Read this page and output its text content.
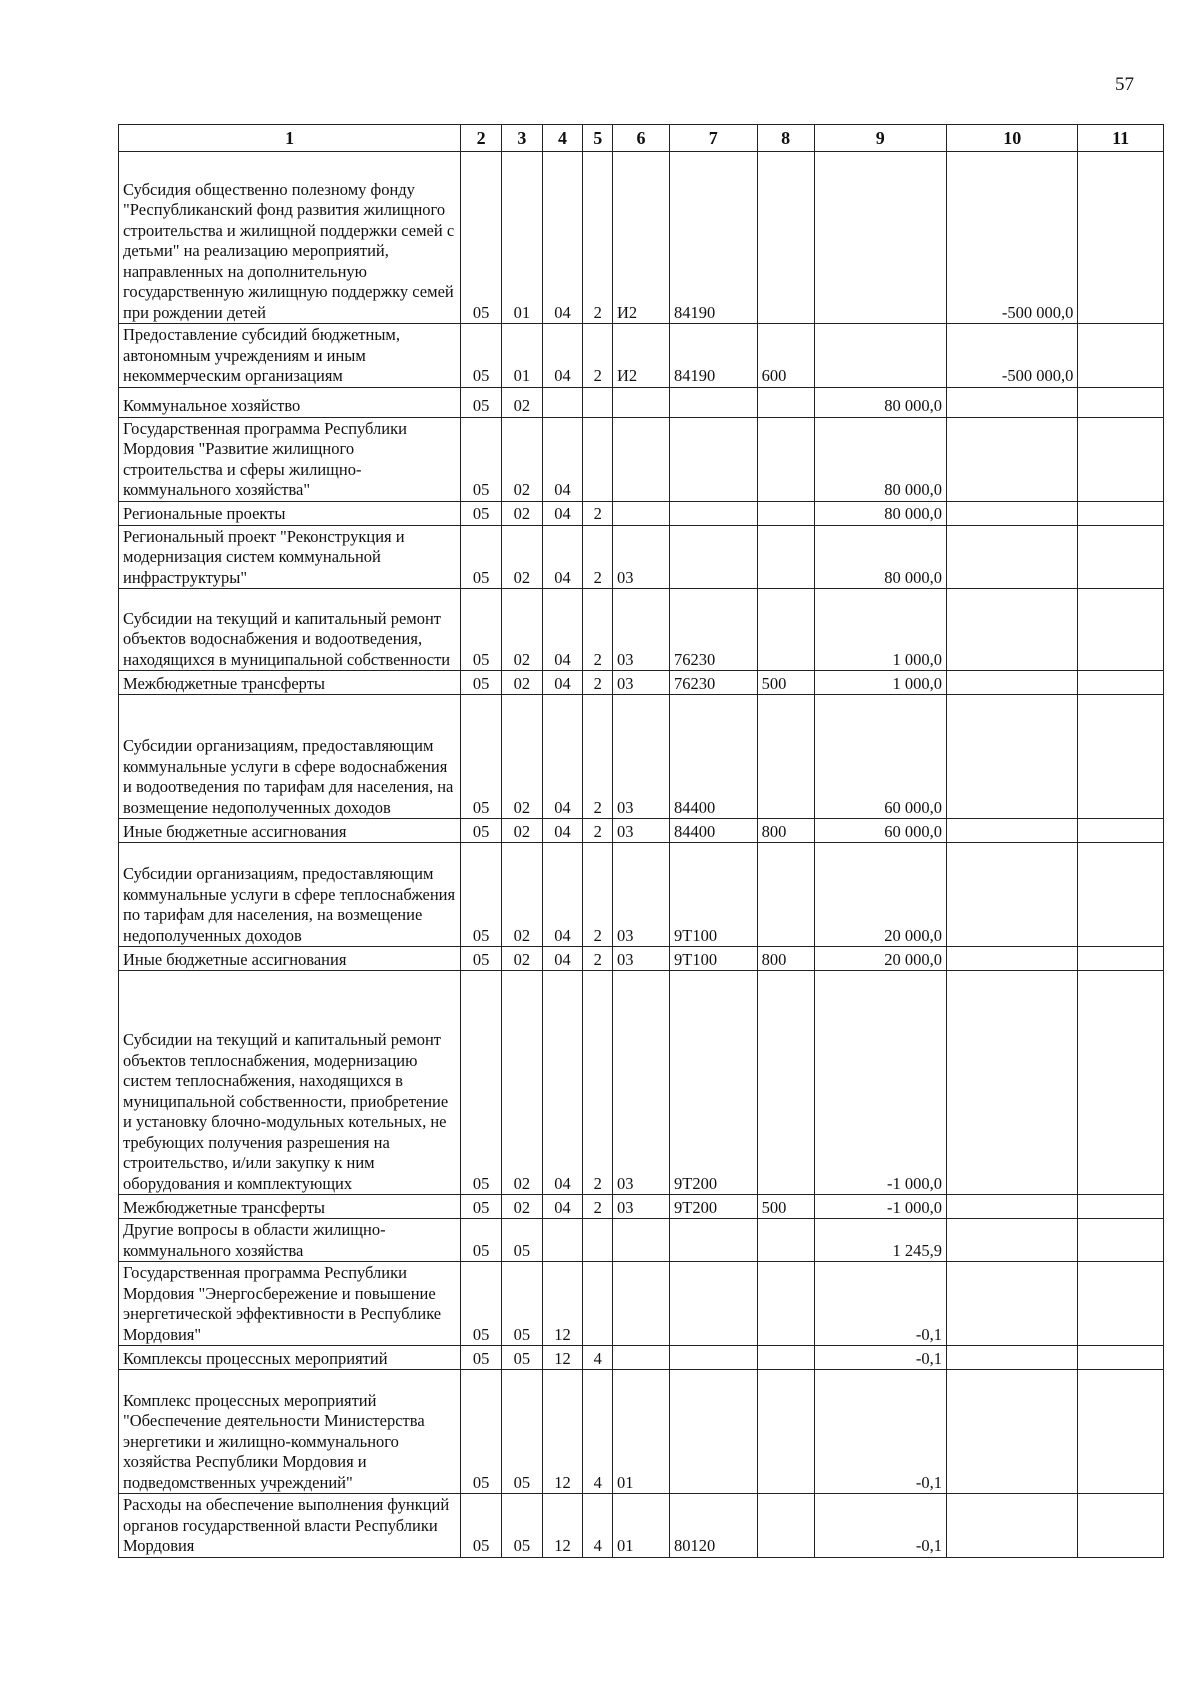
57
1	2	3	4	5	6	7	8	9	10	11
Субсидия общественно полезному фонду "Республиканский фонд развития жилищного строительства и жилищной поддержки семей с детьми" на реализацию мероприятий, направленных на дополнительную государственную жилищную поддержку семей при рождении детей	05	01	04	2	И2	84190			-500 000,0	
Предоставление субсидий бюджетным, автономным учреждениям и иным некоммерческим организациям	05	01	04	2	И2	84190	600		-500 000,0	
Коммунальное хозяйство	05	02						80 000,0		
Государственная программа Республики Мордовия "Развитие жилищного строительства и сферы жилищно-коммунального хозяйства"	05	02	04					80 000,0		
Региональные проекты	05	02	04	2				80 000,0		
Региональный проект "Реконструкция и модернизация систем коммунальной инфраструктуры"	05	02	04	2	03			80 000,0		
Субсидии на текущий и капитальный ремонт объектов водоснабжения и водоотведения, находящихся в муниципальной собственности	05	02	04	2	03	76230		1 000,0		
Межбюджетные трансферты	05	02	04	2	03	76230	500	1 000,0		
Субсидии организациям, предоставляющим коммунальные услуги в сфере водоснабжения и водоотведения по тарифам для населения, на возмещение недополученных доходов	05	02	04	2	03	84400		60 000,0		
Иные бюджетные ассигнования	05	02	04	2	03	84400	800	60 000,0		
Субсидии организациям, предоставляющим коммунальные услуги в сфере теплоснабжения по тарифам для населения, на возмещение недополученных доходов	05	02	04	2	03	9Т100		20 000,0		
Иные бюджетные ассигнования	05	02	04	2	03	9Т100	800	20 000,0		
Субсидии на текущий и капитальный ремонт объектов теплоснабжения, модернизацию систем теплоснабжения, находящихся в муниципальной собственности, приобретение и установку блочно-модульных котельных, не требующих получения разрешения на строительство, и/или закупку к ним оборудования и комплектующих	05	02	04	2	03	9Т200		-1 000,0		
Межбюджетные трансферты	05	02	04	2	03	9Т200	500	-1 000,0		
Другие вопросы в области жилищно-коммунального хозяйства	05	05						1 245,9		
Государственная программа Республики Мордовия "Энергосбережение и повышение энергетической эффективности в Республике Мордовия"	05	05	12					-0,1		
Комплексы процессных мероприятий	05	05	12	4				-0,1		
Комплекс процессных мероприятий "Обеспечение деятельности Министерства энергетики и жилищно-коммунального хозяйства Республики Мордовия и подведомственных учреждений"	05	05	12	4	01			-0,1		
Расходы на обеспечение выполнения функций органов государственной власти Республики Мордовия	05	05	12	4	01	80120		-0,1		
